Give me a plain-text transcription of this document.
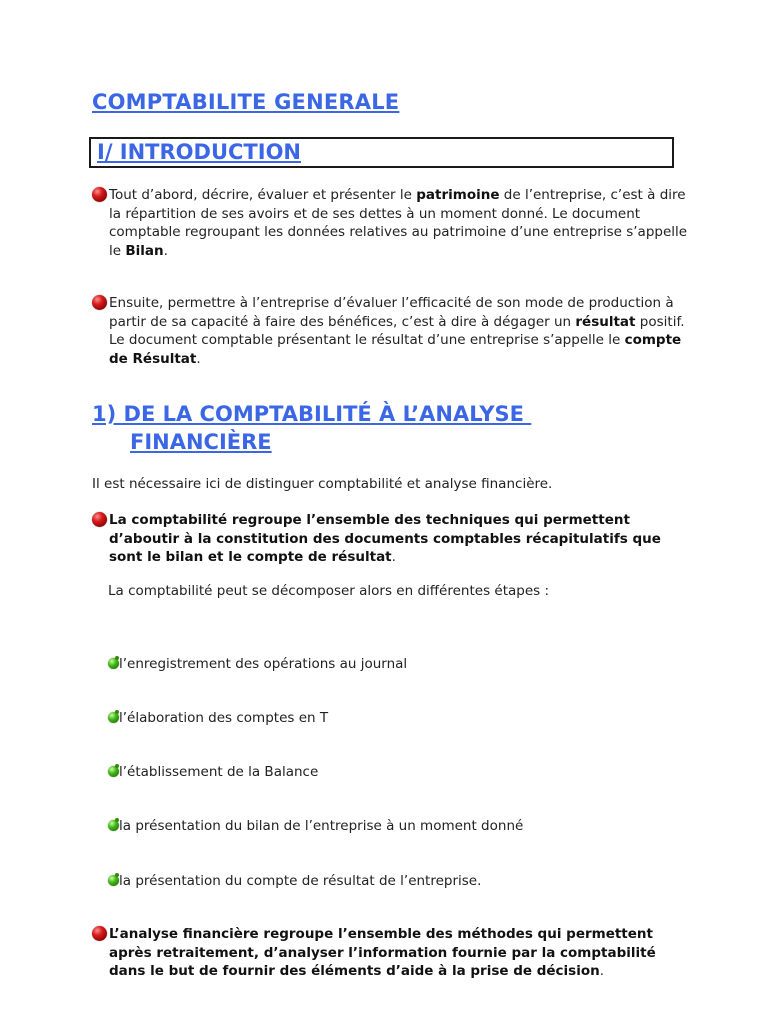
COMPTABILITE GENERALE
I/ INTRODUCTION
Tout d’abord, décrire, évaluer et présenter le patrimoine de l’entreprise, c’est à dire la répartition de ses avoirs et de ses dettes à un moment donné. Le document comptable regroupant les données relatives au patrimoine d’une entreprise s’appelle le Bilan.
Ensuite, permettre à l’entreprise d’évaluer l’efficacité de son mode de production à partir de sa capacité à faire des bénéfices, c’est à dire à dégager un résultat positif. Le document comptable présentant le résultat d’une entreprise s’appelle le compte de Résultat.
1) DE LA COMPTABILITÉ À L’ANALYSE
FINANCIÈRE
Il est nécessaire ici de distinguer comptabilité et analyse financière.
La comptabilité regroupe l’ensemble des techniques qui permettent d’aboutir à la constitution des documents comptables récapitulatifs que sont le bilan et le compte de résultat.
La comptabilité peut se décomposer alors en différentes étapes :
l’enregistrement des opérations au journal
l’élaboration des comptes en T
l’établissement de la Balance
la présentation du bilan de l’entreprise à un moment donné
la présentation du compte de résultat de l’entreprise.
L’analyse financière regroupe l’ensemble des méthodes qui permettent après retraitement, d’analyser l’information fournie par la comptabilité dans le but de fournir des éléments d’aide à la prise de décision.
